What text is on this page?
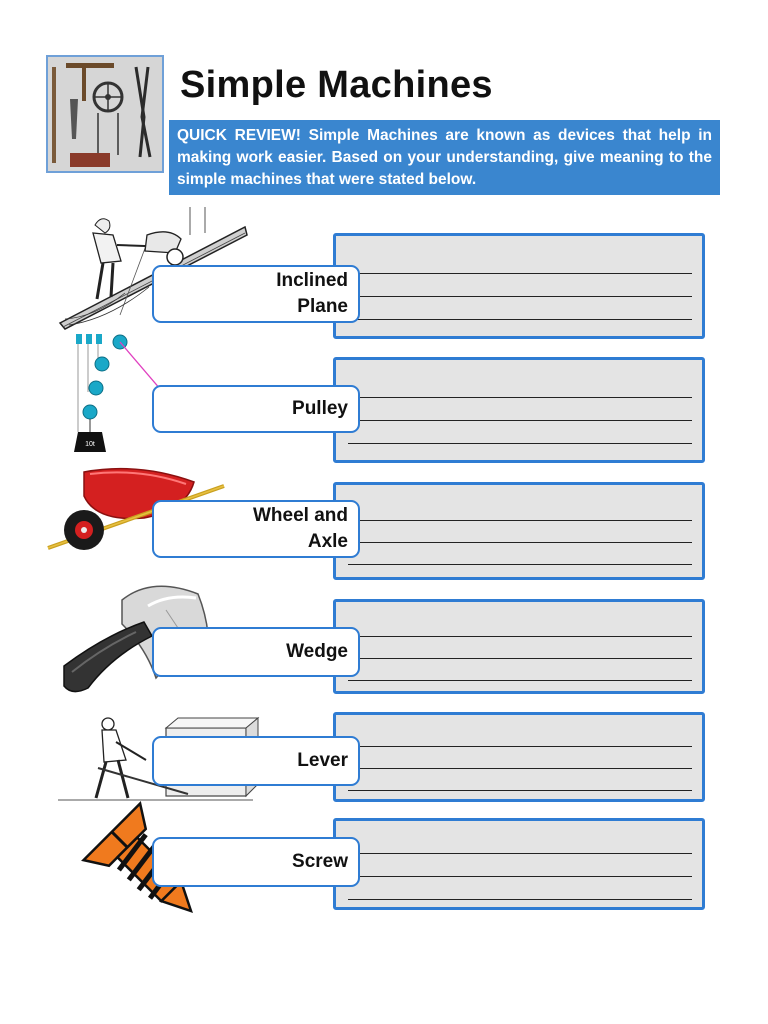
Simple Machines
QUICK REVIEW! Simple Machines are known as devices that help in making work easier. Based on your understanding, give meaning to the simple machines that were stated below.
Inclined
Plane
10t
Pulley
Wheel and
Axle
Wedge
Lever
Screw
